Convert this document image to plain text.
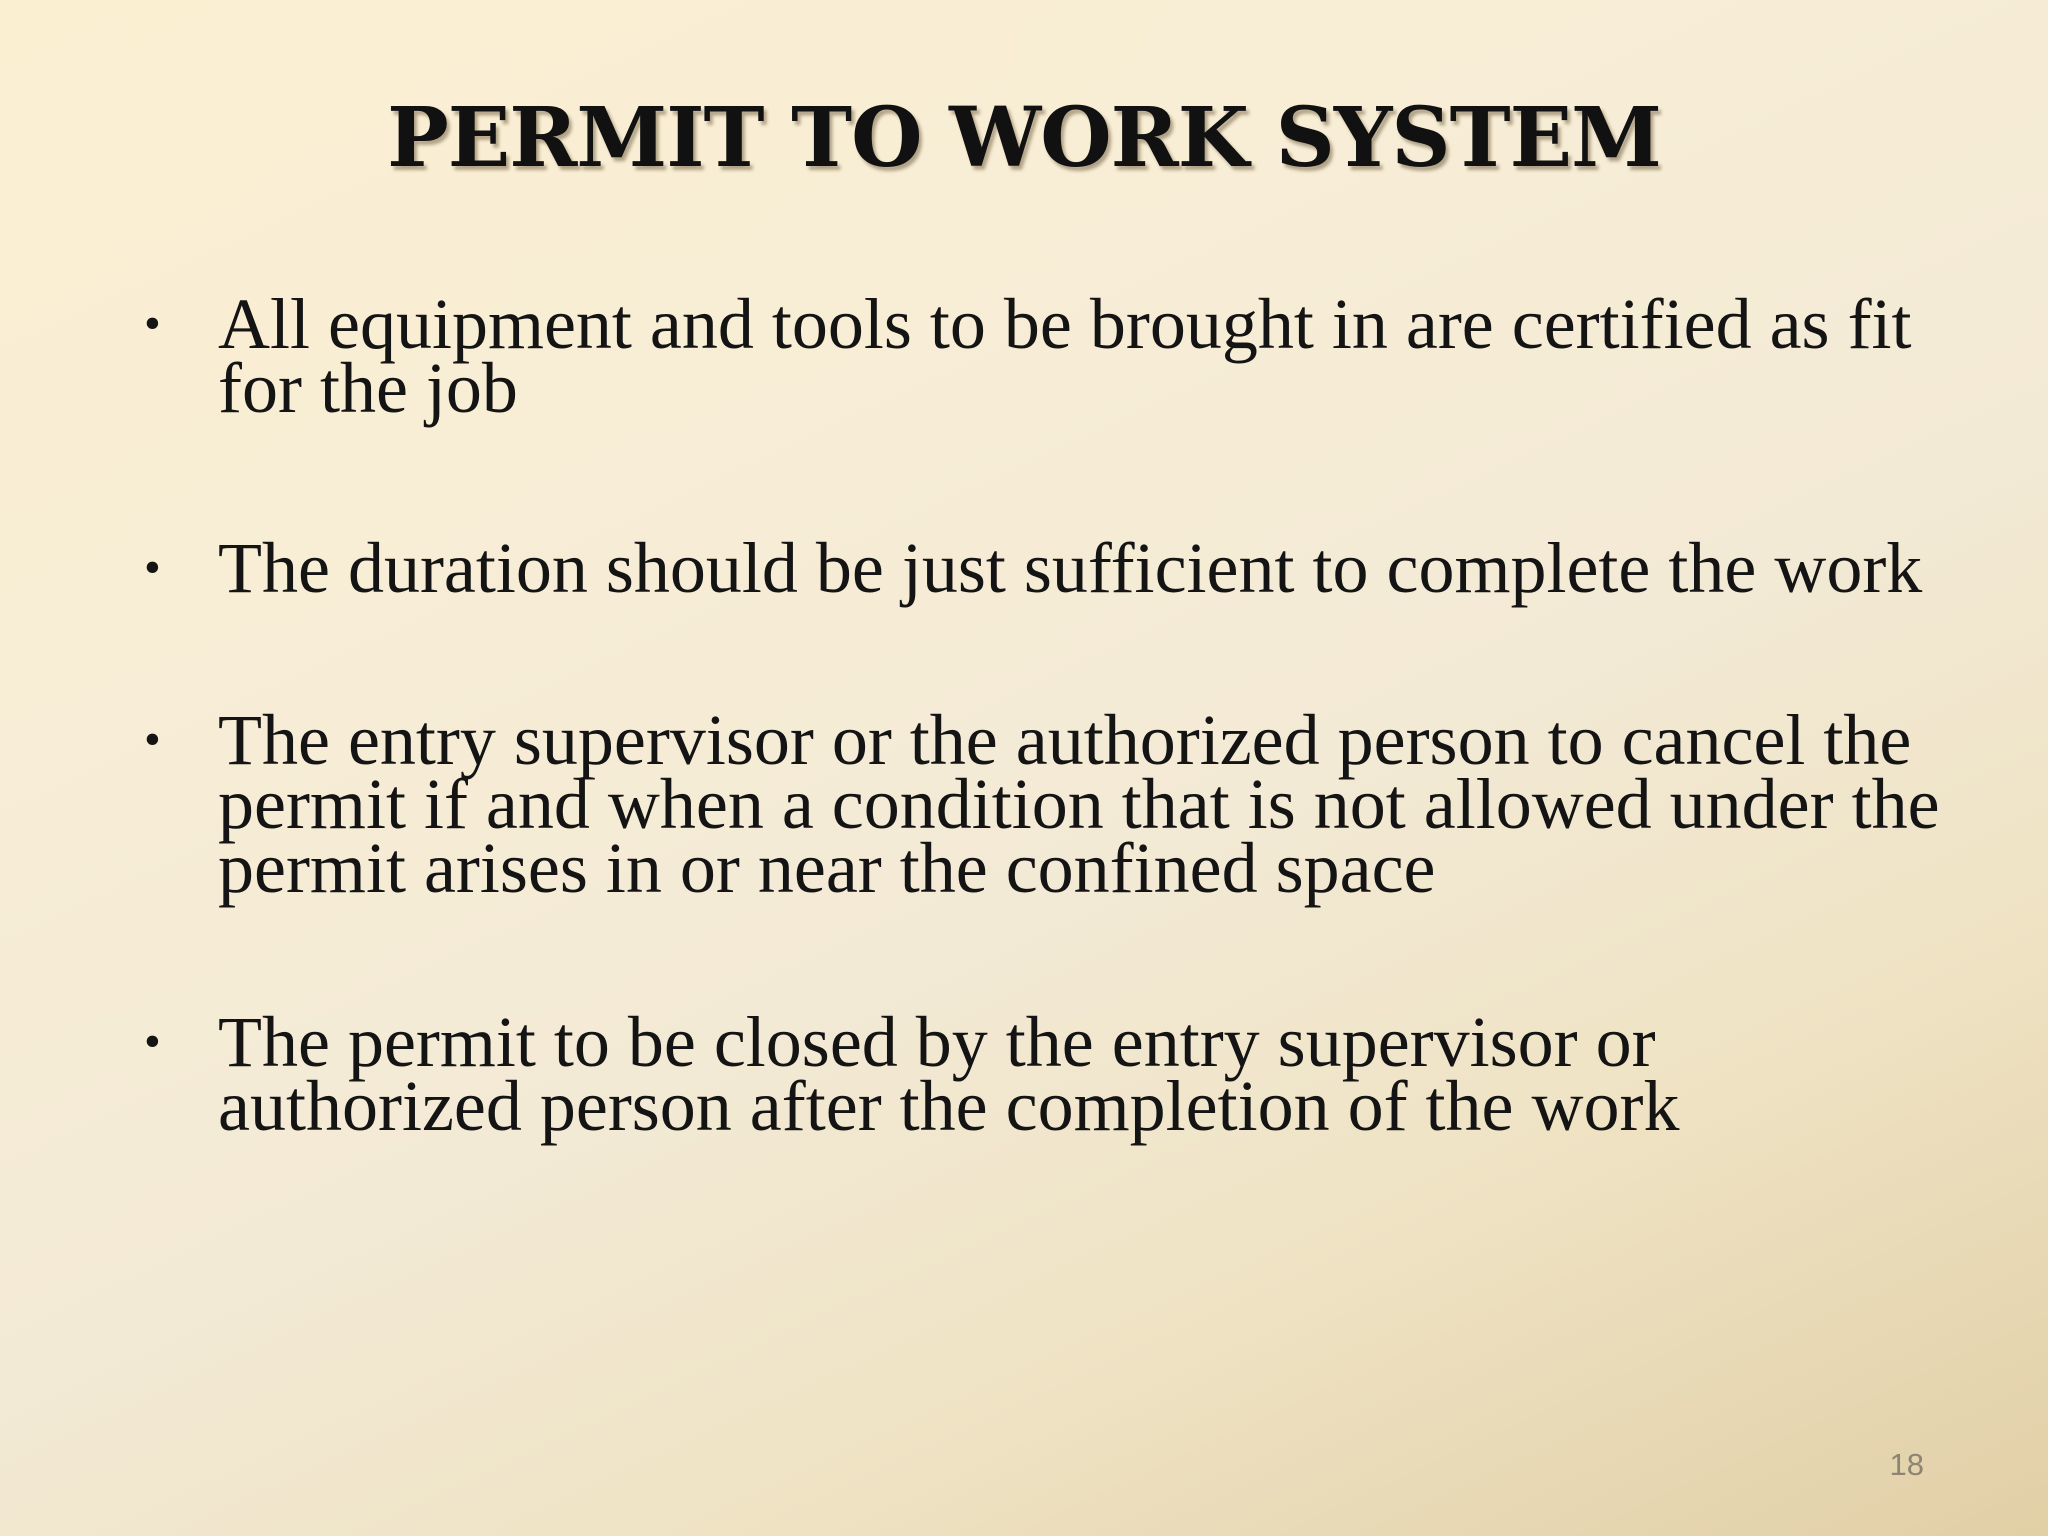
PERMIT TO WORK SYSTEM
• All equipment and tools to be brought in are certified as fit for the job
• The duration should be just sufficient to complete the work
• The entry supervisor or the authorized person to cancel the permit if and when a condition that is not allowed under the permit arises in or near the confined space
• The permit to be closed by the entry supervisor or authorized person after the completion of the work
18
